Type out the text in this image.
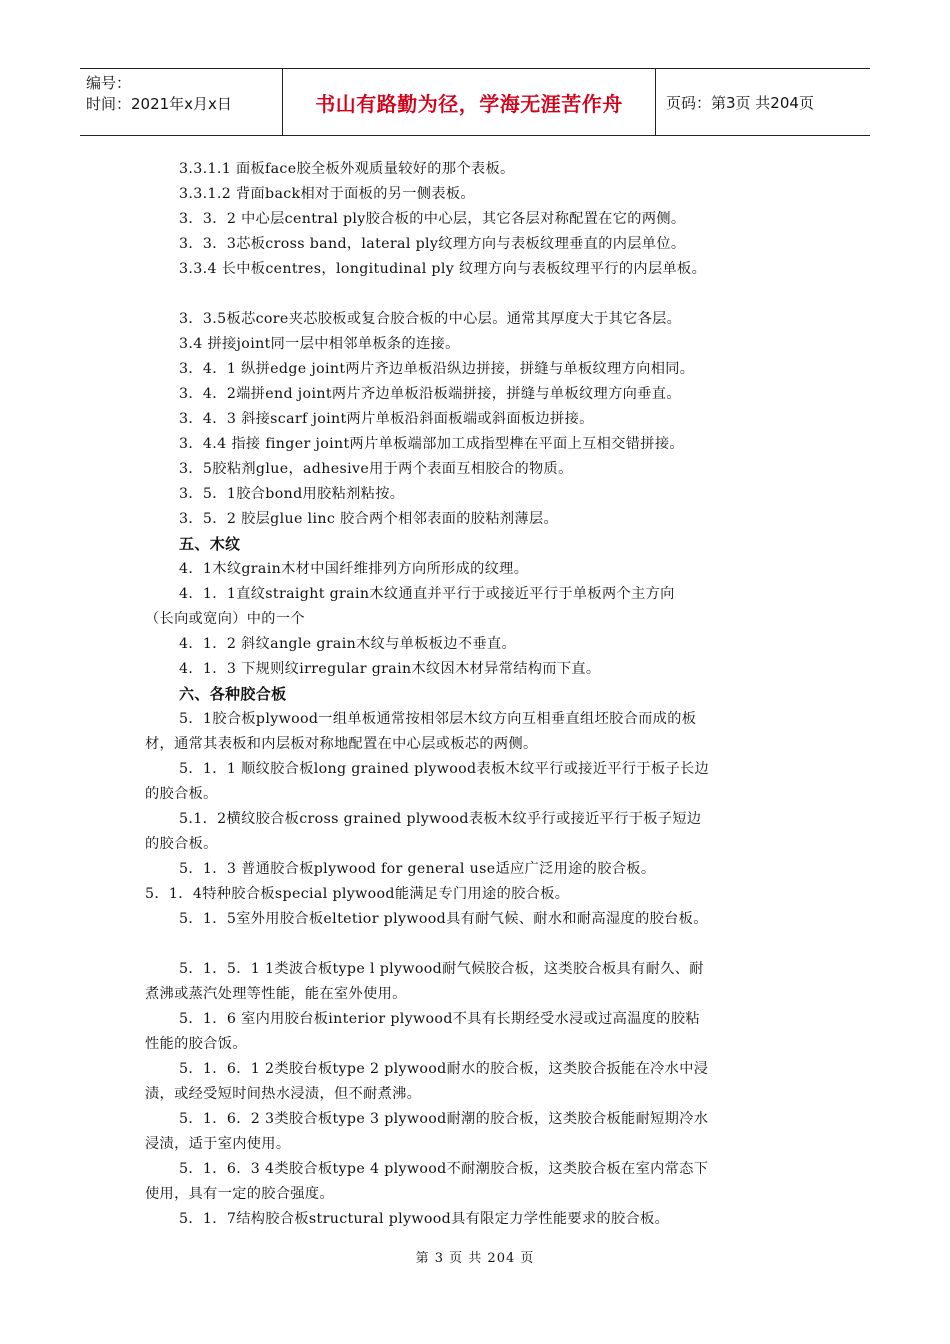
编号：
时间：2021年x月x日	书山有路勤为径，学海无涯苦作舟	页码：第3页 共204页
3.3.1.1 面板face胶全板外观质量较好的那个表板。
3.3.1.2 背面back相对于面板的另一侧表板。
3．3．2 中心层central ply胶合板的中心层，其它各层对称配置在它的两侧。
3．3．3芯板cross band，lateral ply纹理方向与表板纹理垂直的内层单位。
3.3.4 长中板centres，longitudinal ply 纹理方向与表板纹理平行的内层单板。
3．3.5板芯core夹芯胶板或复合胶合板的中心层。通常其厚度大于其它各层。
3.4 拼接joint同一层中相邻单板条的连接。
3．4．1 纵拼edge joint两片齐边单板沿纵边拼接，拼缝与单板纹理方向相同。
3．4．2端拼end joint两片齐边单板沿板端拼接，拼缝与单板纹理方向垂直。
3．4．3 斜接scarf joint两片单板沿斜面板端或斜面板边拼接。
3．4.4 指接 finger joint两片单板端部加工成指型榫在平面上互相交错拼接。
3．5胶粘剂glue，adhesive用于两个表面互相胶合的物质。
3．5．1胶合bond用胶粘剂粘按。
3．5．2 胶层glue linc 胶合两个相邻表面的胶粘剂薄层。
五、木纹
4．1木纹grain木材中国纤维排列方向所形成的纹理。
4．1．1直纹straight grain木纹通直并平行于或接近平行于单板两个主方向
（长向或宽向）中的一个
4．1．2 斜纹angle grain木纹与单板板边不垂直。
4．1．3 下规则纹irregular grain木纹因木材异常结构而下直。
六、各种胶合板
5．1胶合板plywood一组单板通常按相邻层木纹方向互相垂直组坯胶合而成的板
材，通常其表板和内层板对称地配置在中心层或板芯的两侧。
5．1．1 顺纹胶合板long grained plywood表板木纹平行或接近平行于板子长边
的胶合板。
5.1．2横纹胶合板cross grained plywood表板木纹乎行或接近平行于板子短边
的胶合板。
5．1．3 普通胶合板plywood for general use适应广泛用途的胶合板。
5．1．4特种胶合板special plywood能满足专门用途的胶合板。
5．1．5室外用胶合板eltetior plywood具有耐气候、耐水和耐高湿度的胶台板。
5．1．5．1 1类波合板type l plywood耐气候胶合板，这类胶合板具有耐久、耐
煮沸或蒸汽处理等性能，能在室外使用。
5．1．6 室内用胶台板interior plywood不具有长期经受水浸或过高温度的胶粘
性能的胶合饭。
5．1．6．1 2类胶台板type 2 plywood耐水的胶合板，这类胶合扳能在冷水中浸
渍，或经受短时间热水浸渍，但不耐煮沸。
5．1．6．2 3类胶合板type 3 plywood耐潮的胶合板，这类胶合板能耐短期冷水
浸渍，适于室内使用。
5．1．6．3 4类胶合板type 4 plywood不耐潮胶合板，这类胶合板在室内常态下
使用，具有一定的胶合强度。
5．1．7结构胶合板structural plywood具有限定力学性能要求的胶合板。
第 3 页 共 204 页
